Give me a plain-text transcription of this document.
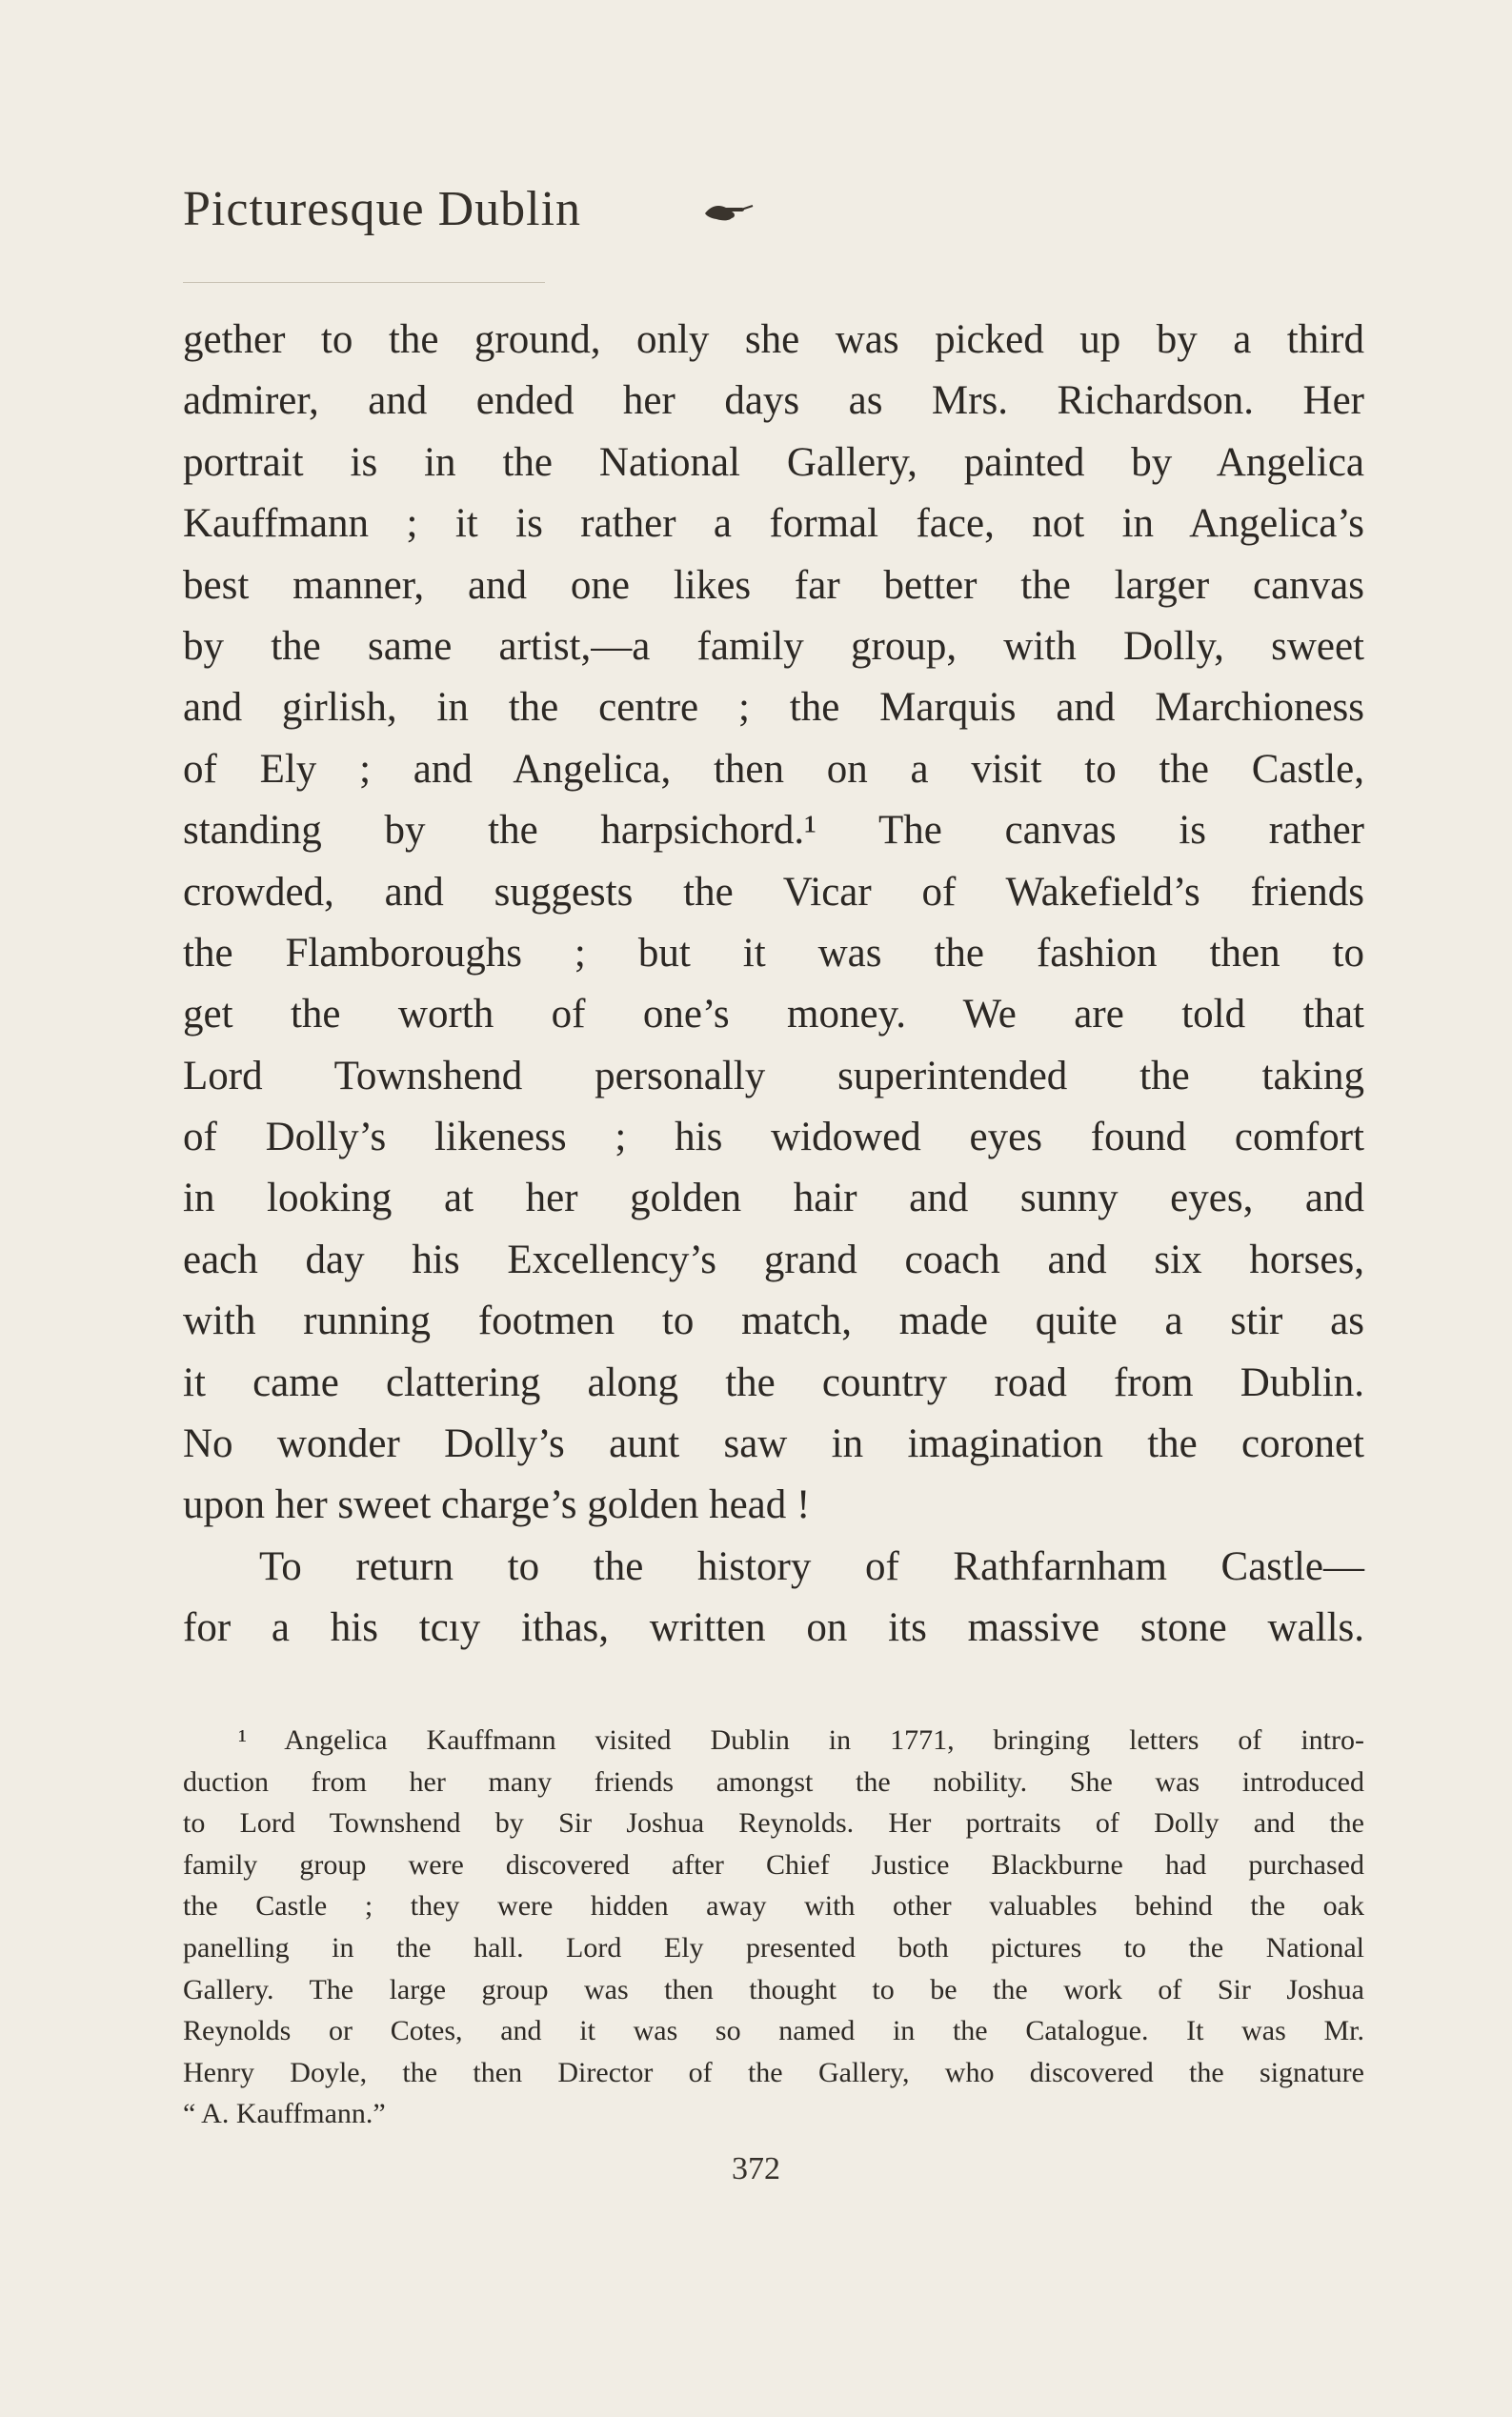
Picturesque Dublin
gether to the ground, only she was picked up by a third
admirer, and ended her days as Mrs. Richardson. Her
portrait is in the National Gallery, painted by Angelica
Kauffmann ; it is rather a formal face, not in Angelica’s
best manner, and one likes far better the larger canvas
by the same artist,—a family group, with Dolly, sweet
and girlish, in the centre ; the Marquis and Marchioness
of Ely ; and Angelica, then on a visit to the Castle,
standing by the harpsichord.¹ The canvas is rather
crowded, and suggests the Vicar of Wakefield’s friends
the Flamboroughs ; but it was the fashion then to
get the worth of one’s money. We are told that
Lord Townshend personally superintended the taking
of Dolly’s likeness ; his widowed eyes found comfort
in looking at her golden hair and sunny eyes, and
each day his Excellency’s grand coach and six horses,
with running footmen to match, made quite a stir as
it came clattering along the country road from Dublin.
No wonder Dolly’s aunt saw in imagination the coronet
upon her sweet charge’s golden head !
To return to the history of Rathfarnham Castle—
for a his tcıy ithas, written on its massive stone walls.
¹ Angelica Kauffmann visited Dublin in 1771, bringing letters of intro-
duction from her many friends amongst the nobility. She was introduced
to Lord Townshend by Sir Joshua Reynolds. Her portraits of Dolly and the
family group were discovered after Chief Justice Blackburne had purchased
the Castle ; they were hidden away with other valuables behind the oak
panelling in the hall. Lord Ely presented both pictures to the National
Gallery. The large group was then thought to be the work of Sir Joshua
Reynolds or Cotes, and it was so named in the Catalogue. It was Mr.
Henry Doyle, the then Director of the Gallery, who discovered the signature
“ A. Kauffmann.”
372
